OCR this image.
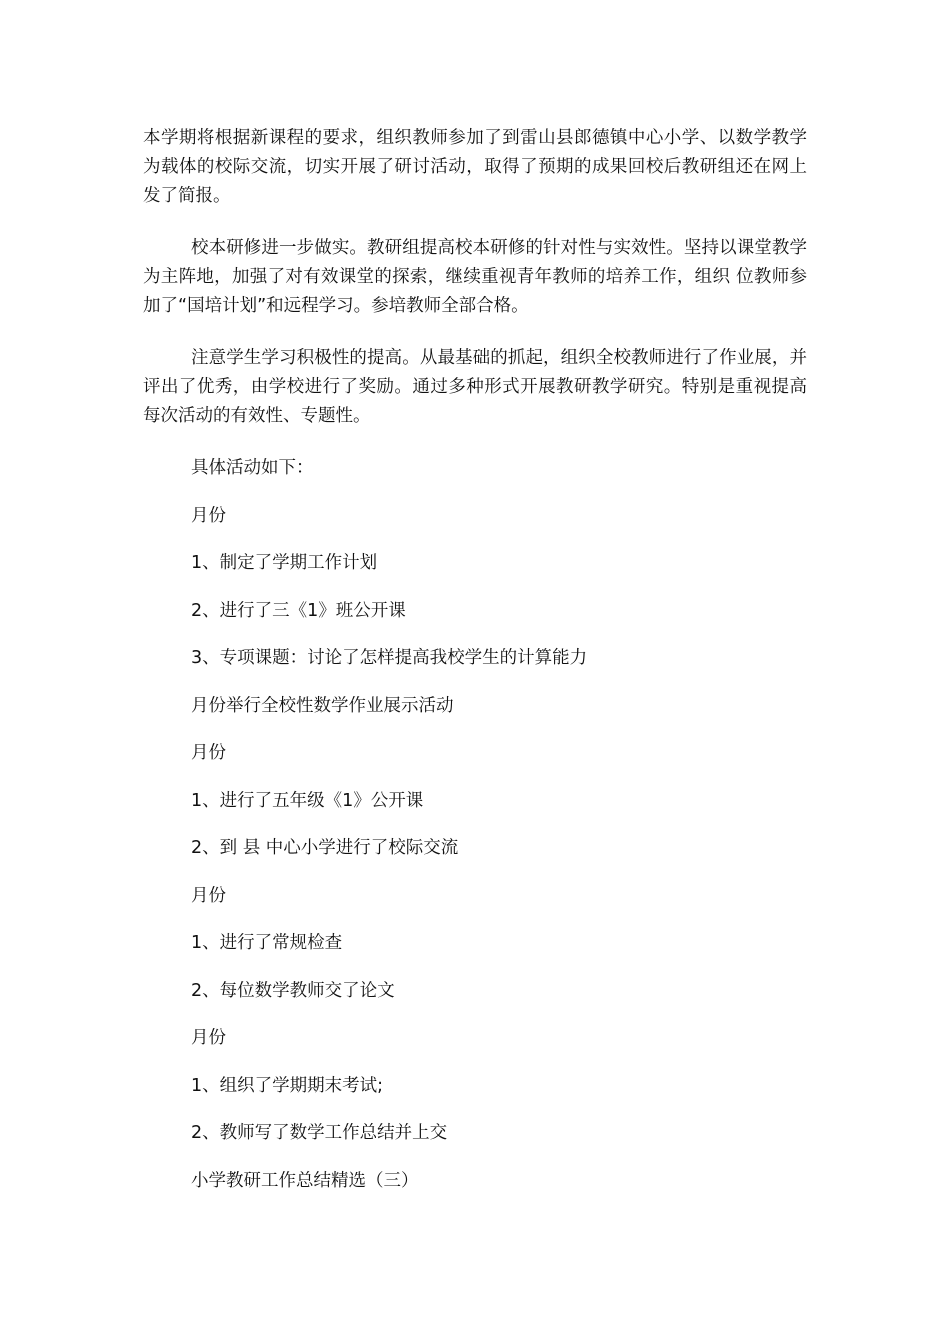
本学期将根据新课程的要求，组织教师参加了到雷山县郎德镇中心小学、以数学教学为载体的校际交流，切实开展了研讨活动，取得了预期的成果回校后教研组还在网上发了简报。

校本研修进一步做实。教研组提高校本研修的针对性与实效性。坚持以课堂教学为主阵地，加强了对有效课堂的探索，继续重视青年教师的培养工作，组织 位教师参加了“国培计划”和远程学习。参培教师全部合格。

注意学生学习积极性的提高。从最基础的抓起，组织全校教师进行了作业展，并评出了优秀，由学校进行了奖励。通过多种形式开展教研教学研究。特别是重视提高每次活动的有效性、专题性。

具体活动如下：

月份

1、制定了学期工作计划

2、进行了三《1》班公开课

3、专项课题：讨论了怎样提高我校学生的计算能力

月份举行全校性数学作业展示活动

月份

1、进行了五年级《1》公开课

2、到 县 中心小学进行了校际交流

月份

1、进行了常规检查

2、每位数学教师交了论文

月份

1、组织了学期期末考试;

2、教师写了数学工作总结并上交

小学教研工作总结精选（三）
